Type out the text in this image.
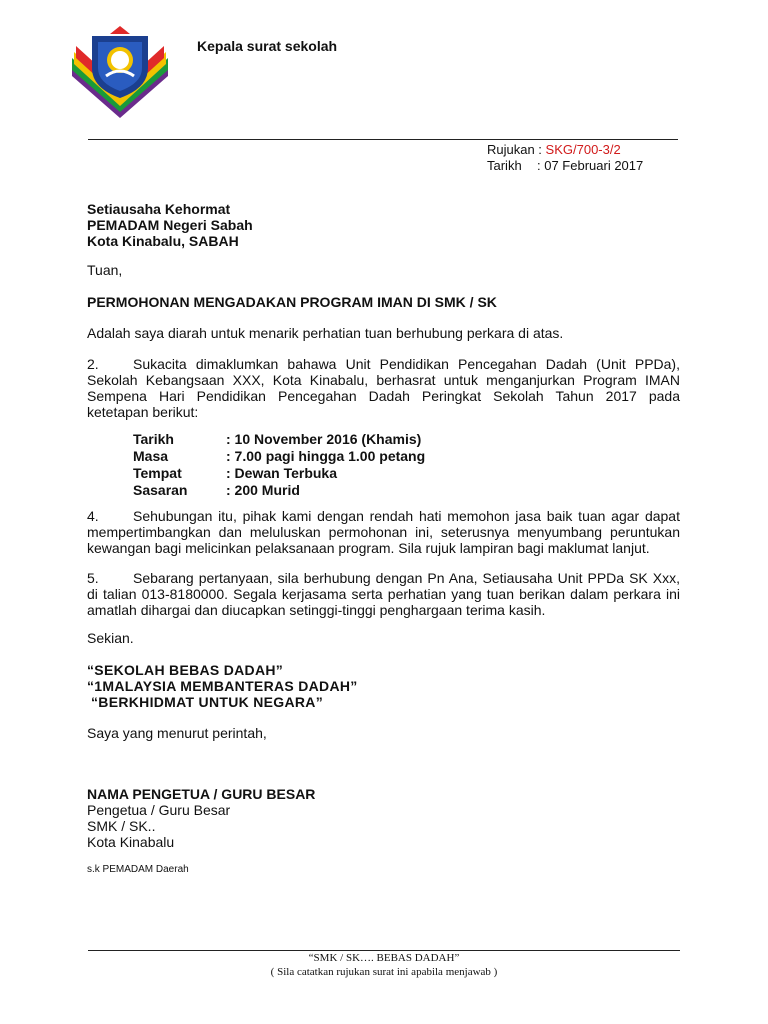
Kepala surat sekolah
Rujukan : SKG/700-3/2
Tarikh : 07 Februari 2017
Setiausaha Kehormat
PEMADAM Negeri Sabah
Kota Kinabalu, SABAH
Tuan,
PERMOHONAN MENGADAKAN PROGRAM IMAN DI SMK / SK
Adalah saya diarah untuk menarik perhatian tuan berhubung perkara di atas.
2. Sukacita dimaklumkan bahawa Unit Pendidikan Pencegahan Dadah (Unit PPDa),
Sekolah Kebangsaan XXX, Kota Kinabalu, berhasrat untuk menganjurkan Program IMAN
Sempena Hari Pendidikan Pencegahan Dadah Peringkat Sekolah Tahun 2017 pada
ketetapan berikut:
Tarikh	: 10 November 2016 (Khamis)
Masa	: 7.00 pagi hingga 1.00 petang
Tempat	: Dewan Terbuka
Sasaran	: 200 Murid
4. Sehubungan itu, pihak kami dengan rendah hati memohon jasa baik tuan agar dapat
mempertimbangkan dan meluluskan permohonan ini, seterusnya menyumbang peruntukan
kewangan bagi melicinkan pelaksanaan program. Sila rujuk lampiran bagi maklumat lanjut.
5. Sebarang pertanyaan, sila berhubung dengan Pn Ana, Setiausaha Unit PPDa SK Xxx,
di talian 013-8180000. Segala kerjasama serta perhatian yang tuan berikan dalam perkara ini
amatlah dihargai dan diucapkan setinggi-tinggi penghargaan terima kasih.
Sekian.
“SEKOLAH BEBAS DADAH”
“1MALAYSIA MEMBANTERAS DADAH”
“BERKHIDMAT UNTUK NEGARA”
Saya yang menurut perintah,
NAMA PENGETUA / GURU BESAR
Pengetua / Guru Besar
SMK / SK..
Kota Kinabalu
s.k PEMADAM Daerah
“SMK / SK…. BEBAS DADAH”
( Sila catatkan rujukan surat ini apabila menjawab )
